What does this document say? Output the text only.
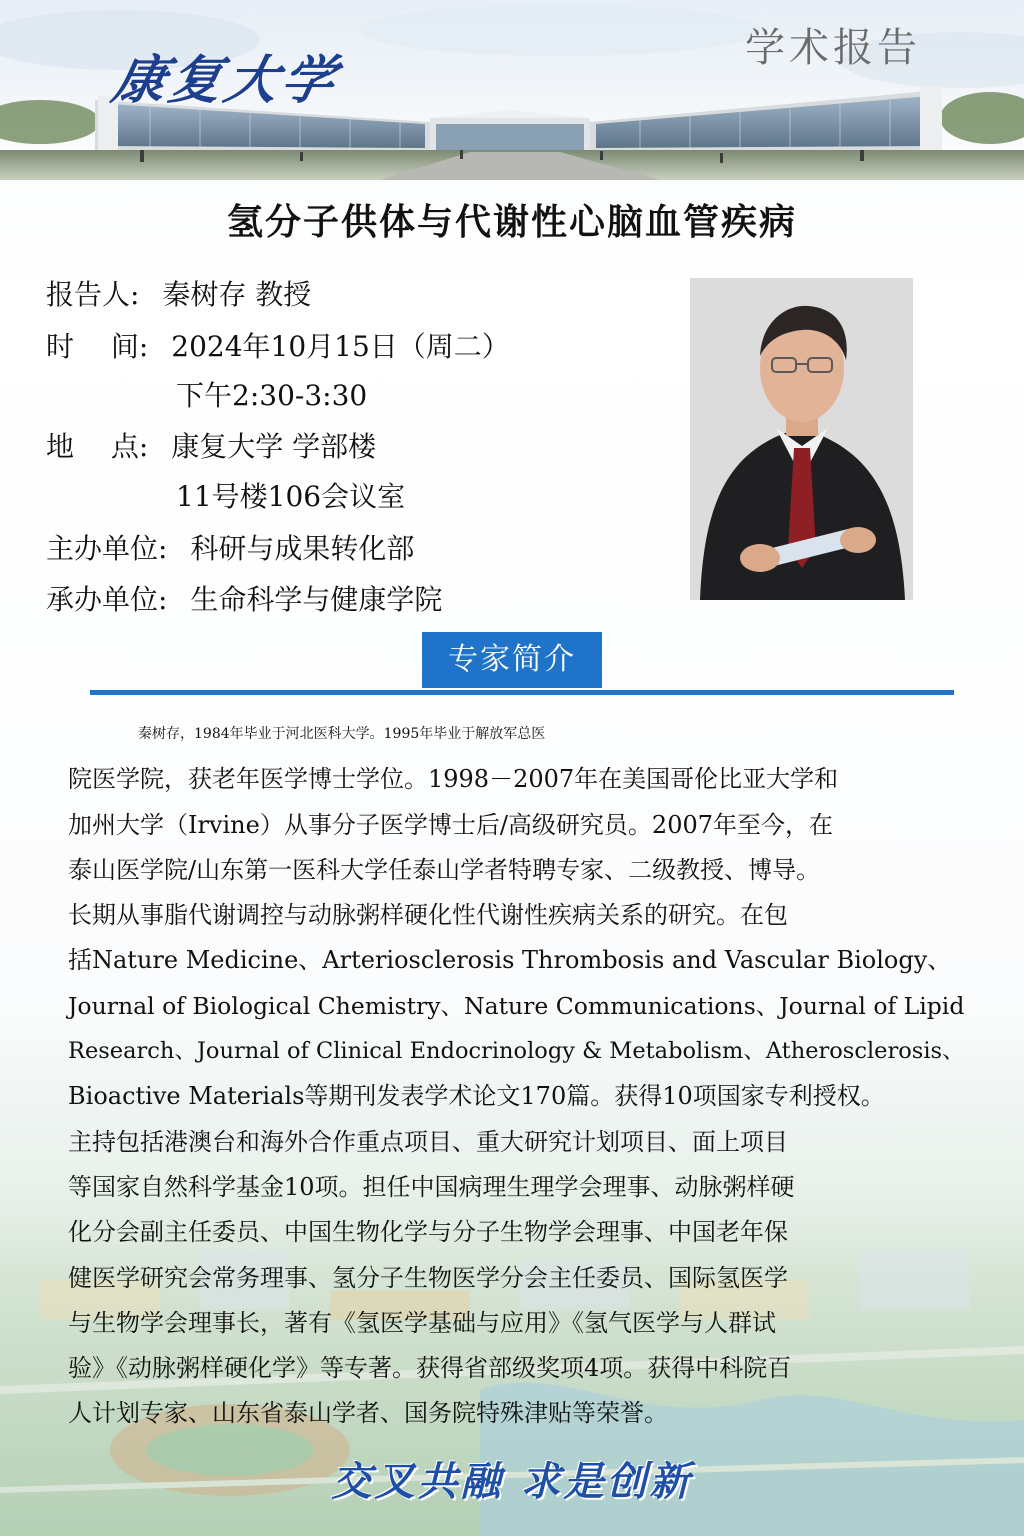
康复大学
学术报告
氢分子供体与代谢性心脑血管疾病
报告人: 秦树存 教授
时　 间: 2024年10月15日（周二）
下午2:30-3:30
地　 点: 康复大学 学部楼
11号楼106会议室
主办单位: 科研与成果转化部
承办单位: 生命科学与健康学院
专家简介
秦树存，1984年毕业于河北医科大学。1995年毕业于解放军总医
院医学院，获老年医学博士学位。1998－2007年在美国哥伦比亚大学和
加州大学（Irvine）从事分子医学博士后/高级研究员。2007年至今，在
泰山医学院/山东第一医科大学任泰山学者特聘专家、二级教授、博导。
长期从事脂代谢调控与动脉粥样硬化性代谢性疾病关系的研究。在包
括Nature Medicine、Arteriosclerosis Thrombosis and Vascular Biology、
Journal of Biological Chemistry、Nature Communications、Journal of Lipid
Research、Journal of Clinical Endocrinology & Metabolism、Atherosclerosis、
Bioactive Materials等期刊发表学术论文170篇。获得10项国家专利授权。
主持包括港澳台和海外合作重点项目、重大研究计划项目、面上项目
等国家自然科学基金10项。担任中国病理生理学会理事、动脉粥样硬
化分会副主任委员、中国生物化学与分子生物学会理事、中国老年保
健医学研究会常务理事、氢分子生物医学分会主任委员、国际氢医学
与生物学会理事长，著有《氢医学基础与应用》《氢气医学与人群试
验》《动脉粥样硬化学》等专著。获得省部级奖项4项。获得中科院百
人计划专家、山东省泰山学者、国务院特殊津贴等荣誉。
交叉共融 求是创新
